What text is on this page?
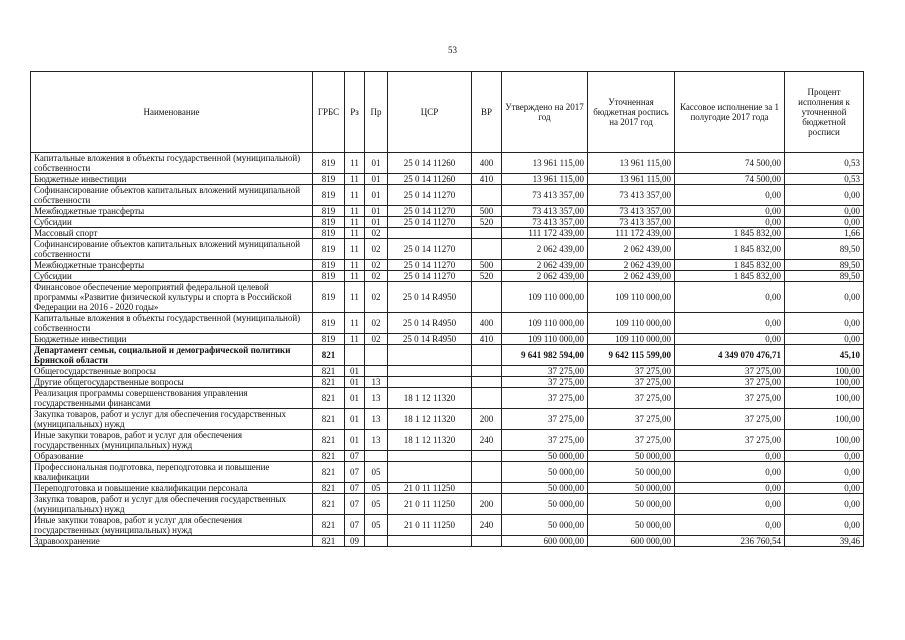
53
Наименование	ГРБС	Рз	Пр	ЦСР	ВР	Утверждено на 2017 год	Уточненная бюджетная роспись на 2017 год	Кассовое исполнение за 1 полугодие 2017 года	Процент исполнения к уточненной бюджетной росписи
Капитальные вложения в объекты государственной (муниципальной) собственности	819	11	01	25 0 14 11260	400	13 961 115,00	13 961 115,00	74 500,00	0,53
Бюджетные инвестиции	819	11	01	25 0 14 11260	410	13 961 115,00	13 961 115,00	74 500,00	0,53
Софинансирование объектов капитальных вложений муниципальной собственности	819	11	01	25 0 14 11270		73 413 357,00	73 413 357,00	0,00	0,00
Межбюджетные трансферты	819	11	01	25 0 14 11270	500	73 413 357,00	73 413 357,00	0,00	0,00
Субсидии	819	11	01	25 0 14 11270	520	73 413 357,00	73 413 357,00	0,00	0,00
Массовый спорт	819	11	02			111 172 439,00	111 172 439,00	1 845 832,00	1,66
Софинансирование объектов капитальных вложений муниципальной собственности	819	11	02	25 0 14 11270		2 062 439,00	2 062 439,00	1 845 832,00	89,50
Межбюджетные трансферты	819	11	02	25 0 14 11270	500	2 062 439,00	2 062 439,00	1 845 832,00	89,50
Субсидии	819	11	02	25 0 14 11270	520	2 062 439,00	2 062 439,00	1 845 832,00	89,50
Финансовое обеспечение мероприятий федеральной целевой программы «Развитие физической культуры и спорта в Российской Федерации на 2016 - 2020 годы»	819	11	02	25 0 14 R4950		109 110 000,00	109 110 000,00	0,00	0,00
Капитальные вложения в объекты государственной (муниципальной) собственности	819	11	02	25 0 14 R4950	400	109 110 000,00	109 110 000,00	0,00	0,00
Бюджетные инвестиции	819	11	02	25 0 14 R4950	410	109 110 000,00	109 110 000,00	0,00	0,00
Департамент семьи, социальной и демографической политики Брянской области	821					9 641 982 594,00	9 642 115 599,00	4 349 070 476,71	45,10
Общегосударственные вопросы	821	01				37 275,00	37 275,00	37 275,00	100,00
Другие общегосударственные вопросы	821	01	13			37 275,00	37 275,00	37 275,00	100,00
Реализация программы совершенствования управления государственными финансами	821	01	13	18 1 12 11320		37 275,00	37 275,00	37 275,00	100,00
Закупка товаров, работ и услуг для обеспечения государственных (муниципальных) нужд	821	01	13	18 1 12 11320	200	37 275,00	37 275,00	37 275,00	100,00
Иные закупки товаров, работ и услуг для обеспечения государственных (муниципальных) нужд	821	01	13	18 1 12 11320	240	37 275,00	37 275,00	37 275,00	100,00
Образование	821	07				50 000,00	50 000,00	0,00	0,00
Профессиональная подготовка, переподготовка и повышение квалификации	821	07	05			50 000,00	50 000,00	0,00	0,00
Переподготовка и повышение квалификации персонала	821	07	05	21 0 11 11250		50 000,00	50 000,00	0,00	0,00
Закупка товаров, работ и услуг для обеспечения государственных (муниципальных) нужд	821	07	05	21 0 11 11250	200	50 000,00	50 000,00	0,00	0,00
Иные закупки товаров, работ и услуг для обеспечения государственных (муниципальных) нужд	821	07	05	21 0 11 11250	240	50 000,00	50 000,00	0,00	0,00
Здравоохранение	821	09				600 000,00	600 000,00	236 760,54	39,46
